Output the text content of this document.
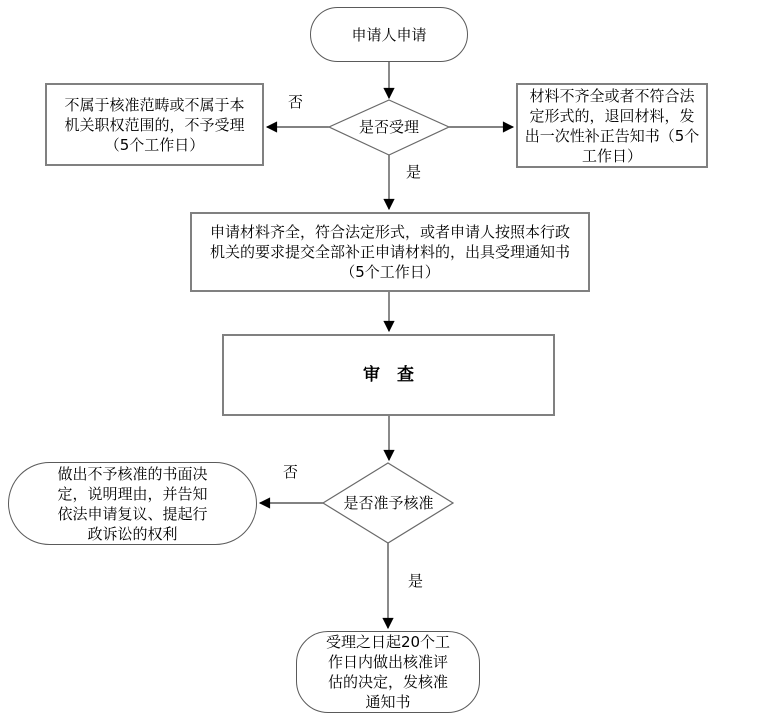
申请人申请
是否受理
不属于核准范畴或不属于本
机关职权范围的，不予受理
（5个工作日）
材料不齐全或者不符合法
定形式的，退回材料，发
出一次性补正告知书（5个
工作日）
申请材料齐全，符合法定形式，或者申请人按照本行政
机关的要求提交全部补正申请材料的，出具受理通知书
（5个工作日）
审　查
是否准予核准
做出不予核准的书面决
定，说明理由，并告知
依法申请复议、提起行
政诉讼的权利
受理之日起20个工
作日内做出核准评
估的决定，发核准
通知书
否
是
否
是
